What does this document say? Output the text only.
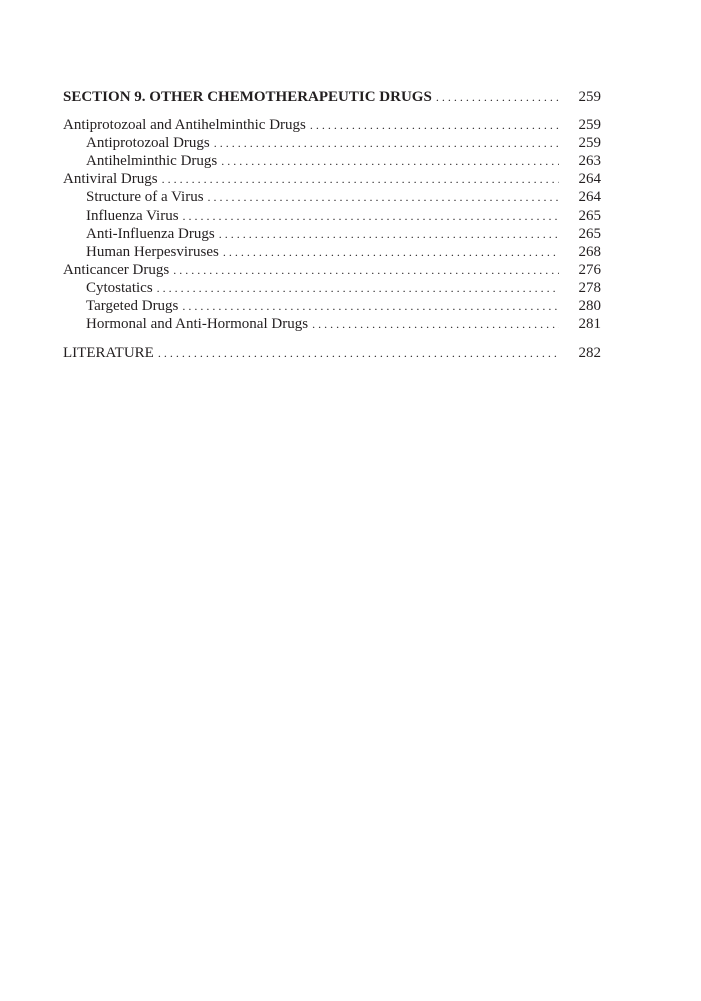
SECTION 9. OTHER CHEMOTHERAPEUTIC DRUGS . . .	259
Antiprotozoal and Antihelminthic Drugs . . .	259
Antiprotozoal Drugs . . .	259
Antihelminthic Drugs . . .	263
Antiviral Drugs . . .	264
Structure of a Virus . . .	264
Influenza Virus . . .	265
Anti-Influenza Drugs . . .	265
Human Herpesviruses . . .	268
Anticancer Drugs . . .	276
Cytostatics . . .	278
Targeted Drugs . . .	280
Hormonal and Anti-Hormonal Drugs . . .	281
LITERATURE . . .	282
